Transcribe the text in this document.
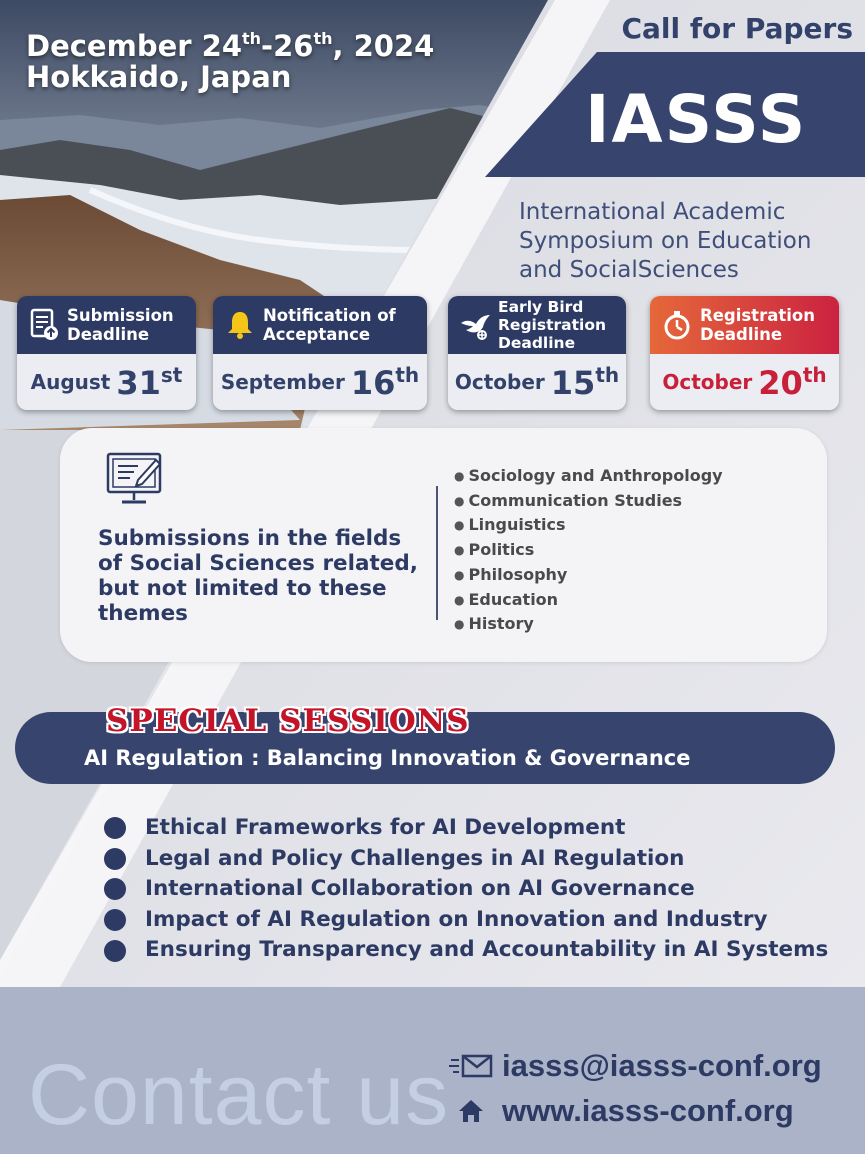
December 24th-26th, 2024
Hokkaido, Japan
Call for Papers
IASSS
International Academic Symposium on Education and SocialSciences
Submission Deadline
August 31st
Notification of Acceptance
September 16th
Early Bird Registration Deadline
October 15th
Registration Deadline
October 20th
Submissions in the fields of Social Sciences related, but not limited to these themes
● Sociology and Anthropology
● Communication Studies
● Linguistics
● Politics
● Philosophy
● Education
● History
SPECIAL SESSIONS
AI Regulation : Balancing Innovation & Governance
Ethical Frameworks for AI Development
Legal and Policy Challenges in AI Regulation
International Collaboration on AI Governance
Impact of AI Regulation on Innovation and Industry
Ensuring Transparency and Accountability in AI Systems
Contact us iasss@iasss-conf.org
www.iasss-conf.org
